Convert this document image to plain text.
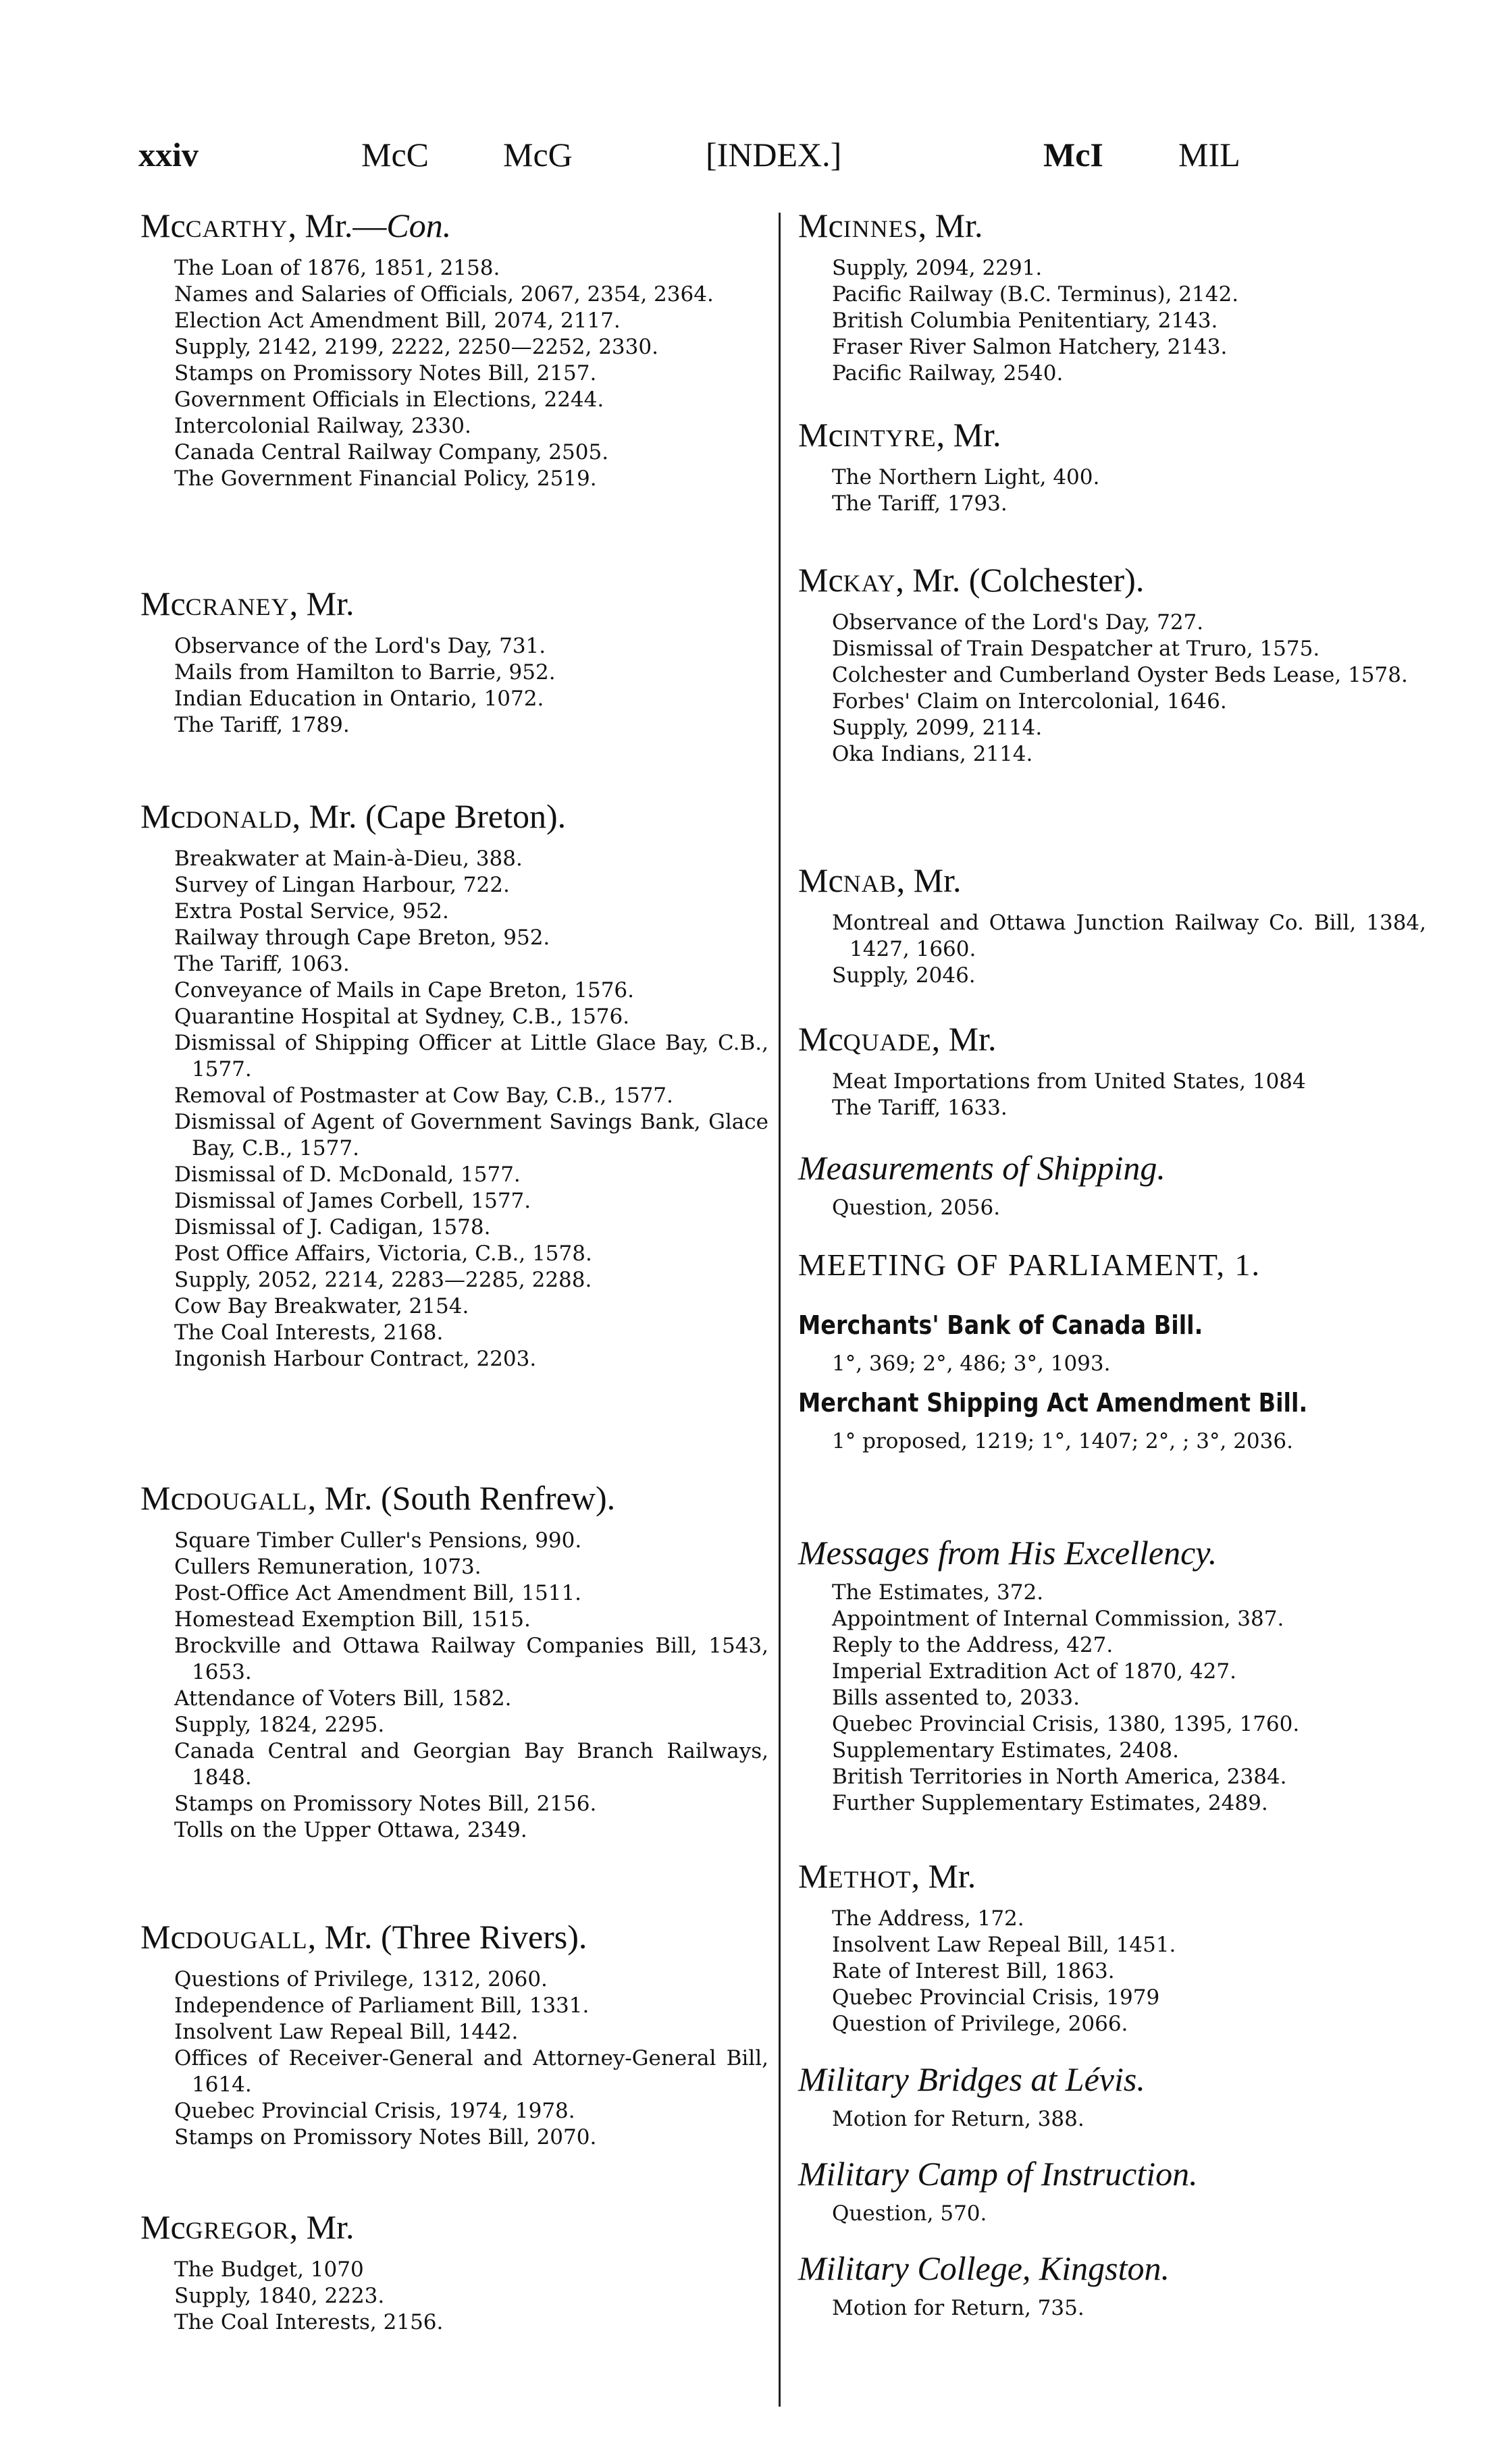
xxiv	McC McG	[INDEX.]	McI MIL

McCARTHY, Mr.—Con.

The Loan of 1876, 1851, 2158.
Names and Salaries of Officials, 2067, 2354, 2364.
Election Act Amendment Bill, 2074, 2117.
Supply, 2142, 2199, 2222, 2250—2252, 2330.
Stamps on Promissory Notes Bill, 2157.
Government Officials in Elections, 2244.
Intercolonial Railway, 2330.
Canada Central Railway Company, 2505.
The Government Financial Policy, 2519.

McCRANEY, Mr.

Observance of the Lord's Day, 731.
Mails from Hamilton to Barrie, 952.
Indian Education in Ontario, 1072.
The Tariff, 1789.

McDONALD, Mr. (Cape Breton).

Breakwater at Main-à-Dieu, 388.
Survey of Lingan Harbour, 722.
Extra Postal Service, 952.
Railway through Cape Breton, 952.
The Tariff, 1063.
Conveyance of Mails in Cape Breton, 1576.
Quarantine Hospital at Sydney, C.B., 1576.
Dismissal of Shipping Officer at Little Glace Bay, C.B., 1577.
Removal of Postmaster at Cow Bay, C.B., 1577.
Dismissal of Agent of Government Savings Bank, Glace Bay, C.B., 1577.
Dismissal of D. McDonald, 1577.
Dismissal of James Corbell, 1577.
Dismissal of J. Cadigan, 1578.
Post Office Affairs, Victoria, C.B., 1578.
Supply, 2052, 2214, 2283—2285, 2288.
Cow Bay Breakwater, 2154.
The Coal Interests, 2168.
Ingonish Harbour Contract, 2203.

McDOUGALL, Mr. (South Renfrew).

Square Timber Culler's Pensions, 990.
Cullers Remuneration, 1073.
Post-Office Act Amendment Bill, 1511.
Homestead Exemption Bill, 1515.
Brockville and Ottawa Railway Companies Bill, 1543, 1653.
Attendance of Voters Bill, 1582.
Supply, 1824, 2295.
Canada Central and Georgian Bay Branch Railways, 1848.
Stamps on Promissory Notes Bill, 2156.
Tolls on the Upper Ottawa, 2349.

McDOUGALL, Mr. (Three Rivers).

Questions of Privilege, 1312, 2060.
Independence of Parliament Bill, 1331.
Insolvent Law Repeal Bill, 1442.
Offices of Receiver-General and Attorney-General Bill, 1614.
Quebec Provincial Crisis, 1974, 1978.
Stamps on Promissory Notes Bill, 2070.

McGREGOR, Mr.

The Budget, 1070
Supply, 1840, 2223.
The Coal Interests, 2156.

McINNES, Mr.

Supply, 2094, 2291.
Pacific Railway (B.C. Terminus), 2142.
British Columbia Penitentiary, 2143.
Fraser River Salmon Hatchery, 2143.
Pacific Railway, 2540.

McINTYRE, Mr.

The Northern Light, 400.
The Tariff, 1793.

McKAY, Mr. (Colchester).

Observance of the Lord's Day, 727.
Dismissal of Train Despatcher at Truro, 1575.
Colchester and Cumberland Oyster Beds Lease, 1578.
Forbes' Claim on Intercolonial, 1646.
Supply, 2099, 2114.
Oka Indians, 2114.

McNAB, Mr.

Montreal and Ottawa Junction Railway Co. Bill, 1384, 1427, 1660.
Supply, 2046.

McQUADE, Mr.

Meat Importations from United States, 1084
The Tariff, 1633.

Measurements of Shipping.

Question, 2056.

MEETING OF PARLIAMENT, 1.

Merchants' Bank of Canada Bill.

1°, 369; 2°, 486; 3°, 1093.

Merchant Shipping Act Amendment Bill.

1° proposed, 1219; 1°, 1407; 2°, ; 3°, 2036.

Messages from His Excellency.

The Estimates, 372.
Appointment of Internal Commission, 387.
Reply to the Address, 427.
Imperial Extradition Act of 1870, 427.
Bills assented to, 2033.
Quebec Provincial Crisis, 1380, 1395, 1760.
Supplementary Estimates, 2408.
British Territories in North America, 2384.
Further Supplementary Estimates, 2489.

METHOT, Mr.

The Address, 172.
Insolvent Law Repeal Bill, 1451.
Rate of Interest Bill, 1863.
Quebec Provincial Crisis, 1979
Question of Privilege, 2066.

Military Bridges at Lévis.

Motion for Return, 388.

Military Camp of Instruction.

Question, 570.

Military College, Kingston.

Motion for Return, 735.
